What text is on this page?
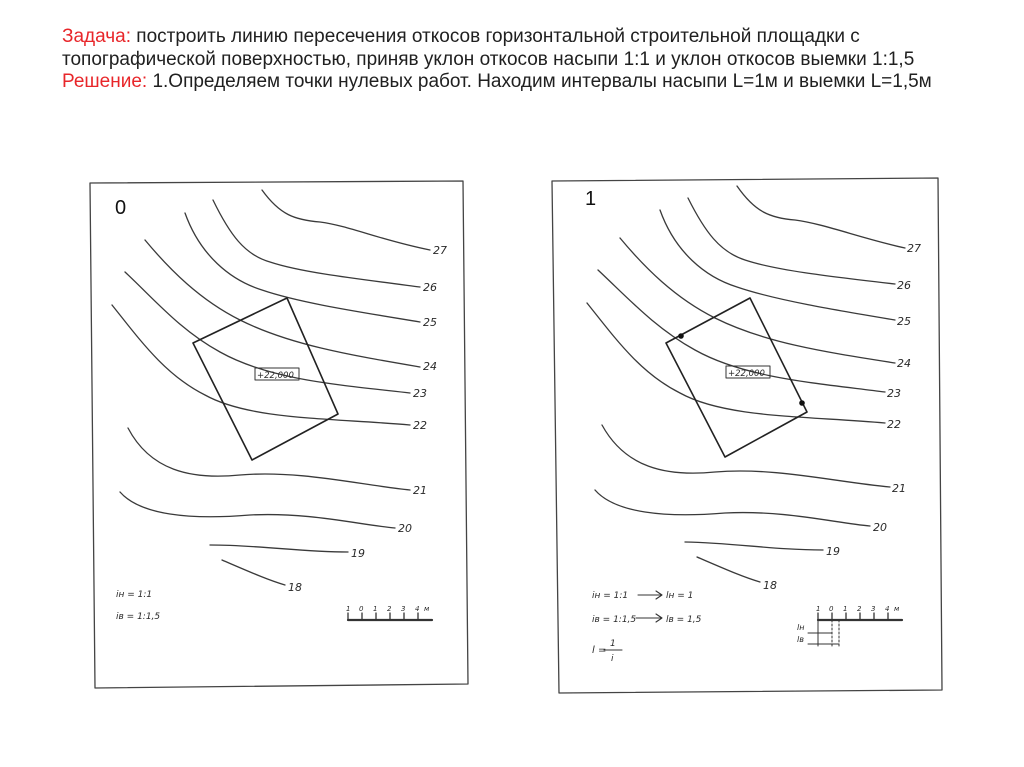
Задача: построить линию пересечения откосов горизонтальной строительной площадки с топографической поверхностью, приняв уклон откосов насыпи 1:1 и уклон откосов выемки 1:1,5
Решение: 1.Определяем точки нулевых работ. Находим интервалы насыпи L=1м и выемки L=1,5м
0
27
26
25
24
23
22
21
20
19
18
+22,000
iн = 1:1
iв = 1:1,5
1 0 1 2 3 4 м
1
27
26
25
24
23
22
21
20
19
18
+22,000
iн = 1:1	lн = 1
iв = 1:1,5	lв = 1,5
l =
1
i
1 0 1 2 3 4 м
lн
lв
